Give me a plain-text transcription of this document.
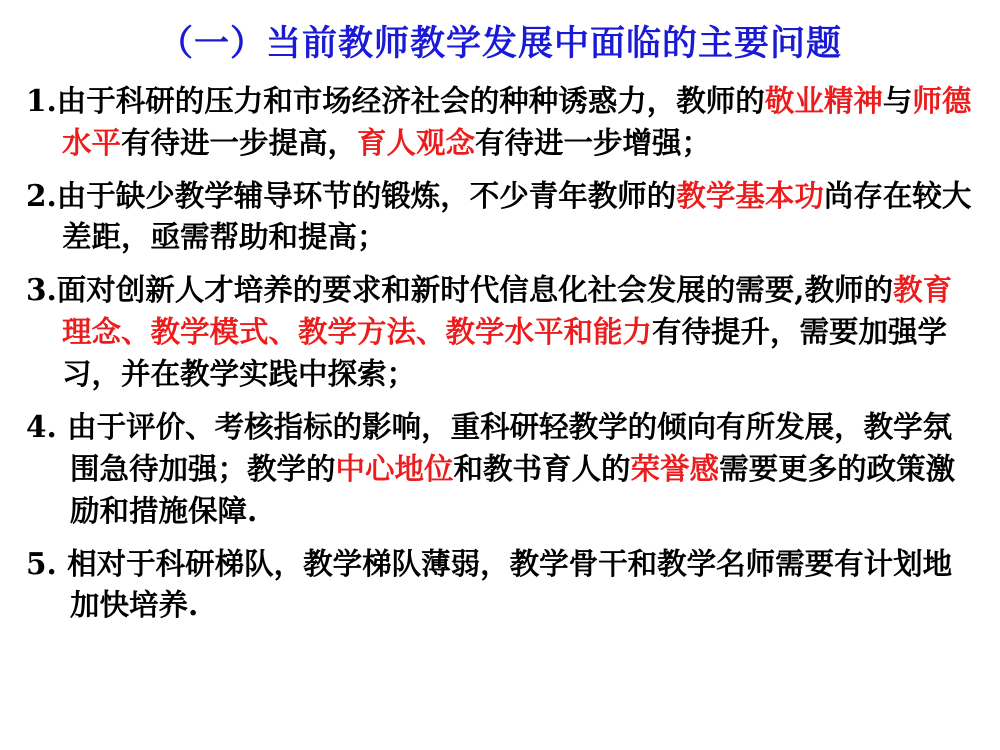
（一）当前教师教学发展中面临的主要问题
1.由于科研的压力和市场经济社会的种种诱惑力，教师的敬业精神与师德水平有待进一步提高，育人观念有待进一步增强；
2.由于缺少教学辅导环节的锻炼，不少青年教师的教学基本功尚存在较大差距，亟需帮助和提高；
3.面对创新人才培养的要求和新时代信息化社会发展的需要,教师的教育理念、教学模式、教学方法、教学水平和能力有待提升，需要加强学习，并在教学实践中探索；
4. 由于评价、考核指标的影响，重科研轻教学的倾向有所发展，教学氛围急待加强；教学的中心地位和教书育人的荣誉感需要更多的政策激励和措施保障.
5. 相对于科研梯队，教学梯队薄弱，教学骨干和教学名师需要有计划地加快培养.
